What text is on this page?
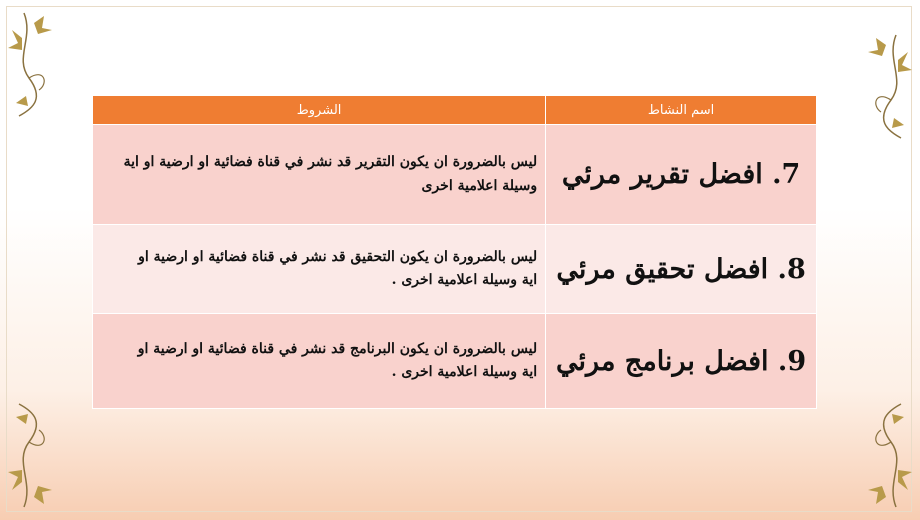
اسم النشاط	الشروط
7. افضل تقرير مرئي	ليس بالضرورة ان يكون التقرير قد نشر في قناة فضائية او ارضية او اية
وسيلة اعلامية اخرى

8. افضل تحقيق مرئي	ليس بالضرورة ان يكون التحقيق قد نشر في قناة فضائية او ارضية او
اية وسيلة اعلامية اخرى .

9. افضل برنامج مرئي	ليس بالضرورة ان يكون البرنامج قد نشر في قناة فضائية او ارضية او
اية وسيلة اعلامية اخرى .
